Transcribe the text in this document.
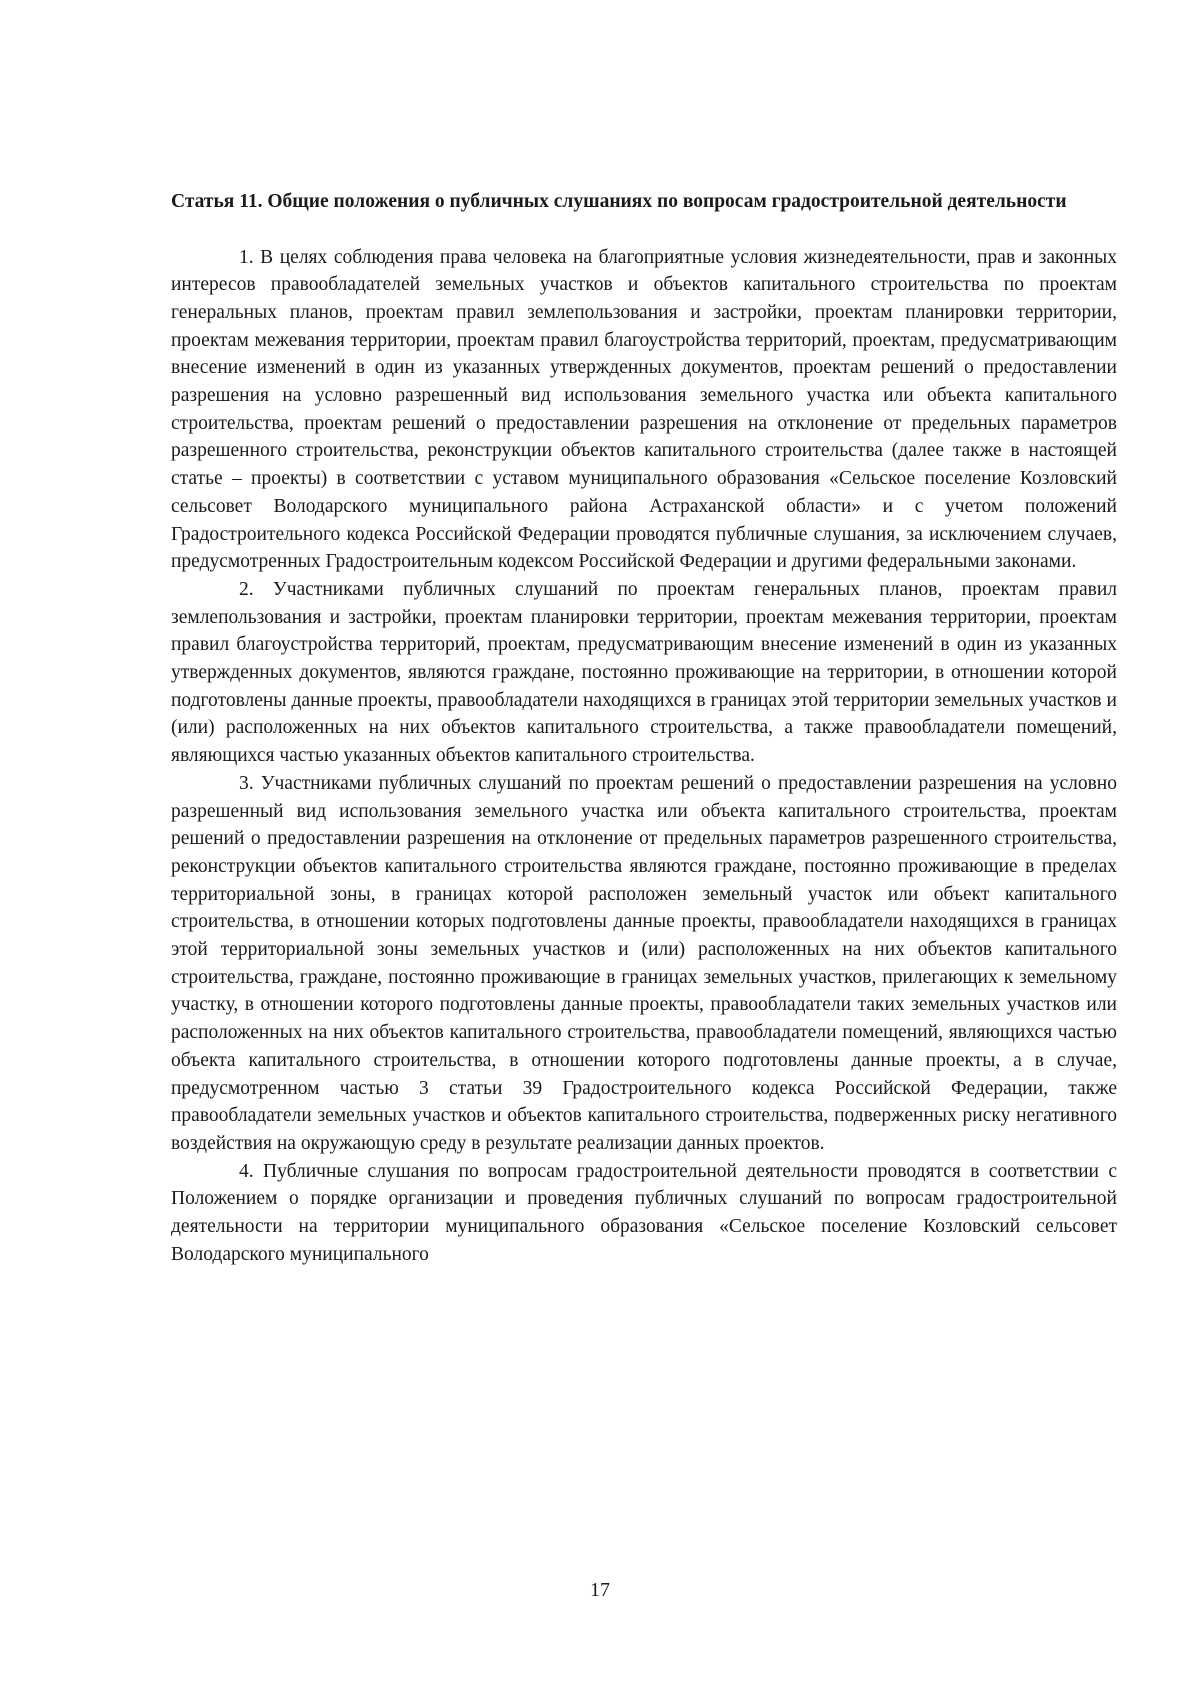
Статья 11. Общие положения о публичных слушаниях по вопросам градостроительной деятельности

1. В целях соблюдения права человека на благоприятные условия жизнедеятельности, прав и законных интересов правообладателей земельных участков и объектов капитального строительства по проектам генеральных планов, проектам правил землепользования и застройки, проектам планировки территории, проектам межевания территории, проектам правил благоустройства территорий, проектам, предусматривающим внесение изменений в один из указанных утвержденных документов, проектам решений о предоставлении разрешения на условно разрешенный вид использования земельного участка или объекта капитального строительства, проектам решений о предоставлении разрешения на отклонение от предельных параметров разрешенного строительства, реконструкции объектов капитального строительства (далее также в настоящей статье – проекты) в соответствии с уставом муниципального образования «Сельское поселение Козловский сельсовет Володарского муниципального района Астраханской области» и с учетом положений Градостроительного кодекса Российской Федерации проводятся публичные слушания, за исключением случаев, предусмотренных Градостроительным кодексом Российской Федерации и другими федеральными законами.

2. Участниками публичных слушаний по проектам генеральных планов, проектам правил землепользования и застройки, проектам планировки территории, проектам межевания территории, проектам правил благоустройства территорий, проектам, предусматривающим внесение изменений в один из указанных утвержденных документов, являются граждане, постоянно проживающие на территории, в отношении которой подготовлены данные проекты, правообладатели находящихся в границах этой территории земельных участков и (или) расположенных на них объектов капитального строительства, а также правообладатели помещений, являющихся частью указанных объектов капитального строительства.

3. Участниками публичных слушаний по проектам решений о предоставлении разрешения на условно разрешенный вид использования земельного участка или объекта капитального строительства, проектам решений о предоставлении разрешения на отклонение от предельных параметров разрешенного строительства, реконструкции объектов капитального строительства являются граждане, постоянно проживающие в пределах территориальной зоны, в границах которой расположен земельный участок или объект капитального строительства, в отношении которых подготовлены данные проекты, правообладатели находящихся в границах этой территориальной зоны земельных участков и (или) расположенных на них объектов капитального строительства, граждане, постоянно проживающие в границах земельных участков, прилегающих к земельному участку, в отношении которого подготовлены данные проекты, правообладатели таких земельных участков или расположенных на них объектов капитального строительства, правообладатели помещений, являющихся частью объекта капитального строительства, в отношении которого подготовлены данные проекты, а в случае, предусмотренном частью 3 статьи 39 Градостроительного кодекса Российской Федерации, также правообладатели земельных участков и объектов капитального строительства, подверженных риску негативного воздействия на окружающую среду в результате реализации данных проектов.

4. Публичные слушания по вопросам градостроительной деятельности проводятся в соответствии с Положением о порядке организации и проведения публичных слушаний по вопросам градостроительной деятельности на территории муниципального образования «Сельское поселение Козловский сельсовет Володарского муниципального

17
